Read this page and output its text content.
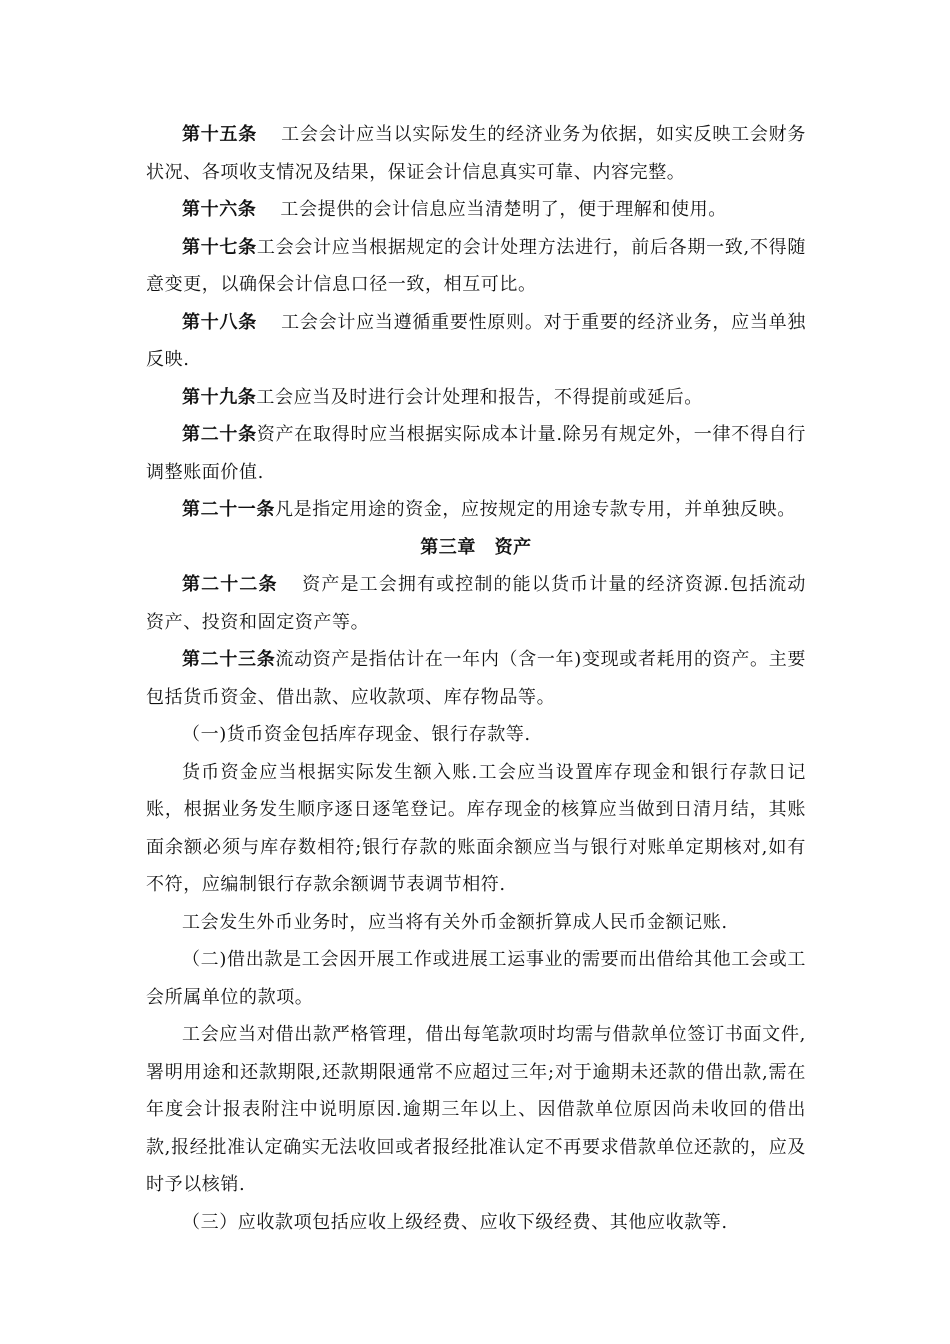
第十五条 工会会计应当以实际发生的经济业务为依据，如实反映工会财务状况、各项收支情况及结果，保证会计信息真实可靠、内容完整。

第十六条 工会提供的会计信息应当清楚明了，便于理解和使用。

第十七条工会会计应当根据规定的会计处理方法进行，前后各期一致,不得随意变更，以确保会计信息口径一致，相互可比。

第十八条 工会会计应当遵循重要性原则。对于重要的经济业务，应当单独反映.

第十九条工会应当及时进行会计处理和报告，不得提前或延后。

第二十条资产在取得时应当根据实际成本计量.除另有规定外，一律不得自行调整账面价值.

第二十一条凡是指定用途的资金，应按规定的用途专款专用，并单独反映。

第三章　资产

第二十二条 资产是工会拥有或控制的能以货币计量的经济资源.包括流动资产、投资和固定资产等。

第二十三条流动资产是指估计在一年内（含一年)变现或者耗用的资产。主要包括货币资金、借出款、应收款项、库存物品等。

（一)货币资金包括库存现金、银行存款等.

货币资金应当根据实际发生额入账.工会应当设置库存现金和银行存款日记账，根据业务发生顺序逐日逐笔登记。库存现金的核算应当做到日清月结，其账面余额必须与库存数相符;银行存款的账面余额应当与银行对账单定期核对,如有不符，应编制银行存款余额调节表调节相符.

工会发生外币业务时，应当将有关外币金额折算成人民币金额记账.

（二)借出款是工会因开展工作或进展工运事业的需要而出借给其他工会或工会所属单位的款项。

工会应当对借出款严格管理，借出每笔款项时均需与借款单位签订书面文件,署明用途和还款期限,还款期限通常不应超过三年;对于逾期未还款的借出款,需在年度会计报表附注中说明原因.逾期三年以上、因借款单位原因尚未收回的借出款,报经批准认定确实无法收回或者报经批准认定不再要求借款单位还款的，应及时予以核销.

（三）应收款项包括应收上级经费、应收下级经费、其他应收款等.
